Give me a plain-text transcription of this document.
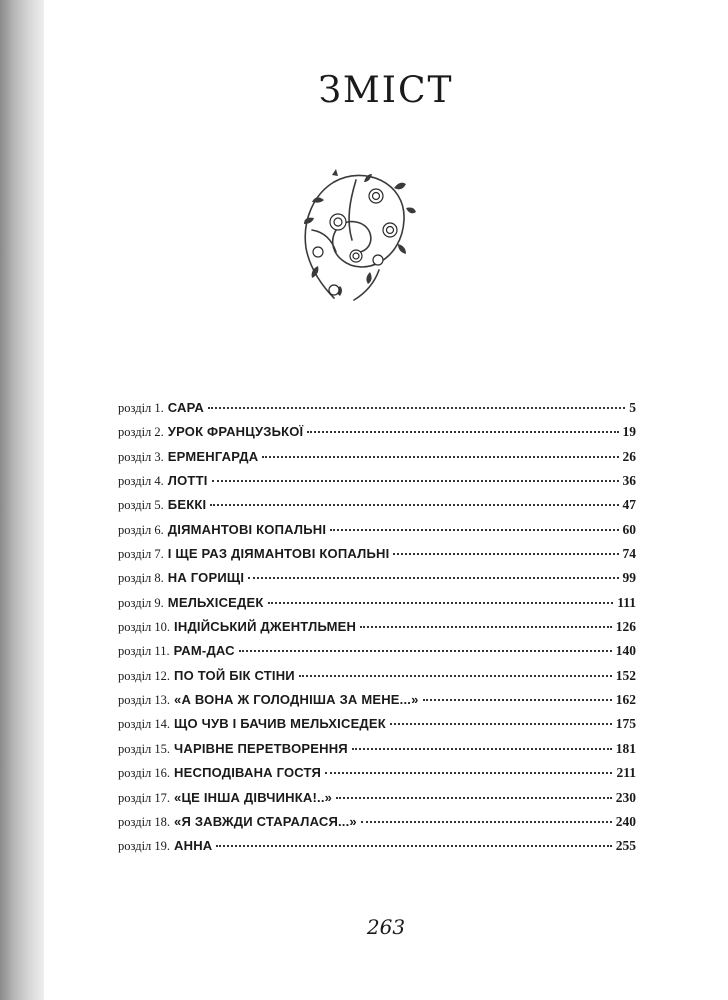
ЗМІСТ
розділ 1. САРА	5
розділ 2. УРОК ФРАНЦУЗЬКОЇ	19
розділ 3. ЕРМЕНГАРДА	26
розділ 4. ЛОТТІ	36
розділ 5. БЕККІ	47
розділ 6. ДІЯМАНТОВІ КОПАЛЬНІ	60
розділ 7. І ЩЕ РАЗ ДІЯМАНТОВІ КОПАЛЬНІ	74
розділ 8. НА ГОРИЩІ	99
розділ 9. МЕЛЬХІСЕДЕК	111
розділ 10. ІНДІЙСЬКИЙ ДЖЕНТЛЬМЕН	126
розділ 11. РАМ-ДАС	140
розділ 12. ПО ТОЙ БІК СТІНИ	152
розділ 13. «А ВОНА Ж ГОЛОДНІША ЗА МЕНЕ...»	162
розділ 14. ЩО ЧУВ І БАЧИВ МЕЛЬХІСЕДЕК	175
розділ 15. ЧАРІВНЕ ПЕРЕТВОРЕННЯ	181
розділ 16. НЕСПОДІВАНА ГОСТЯ	211
розділ 17. «ЦЕ ІНША ДІВЧИНКА!..»	230
розділ 18. «Я ЗАВЖДИ СТАРАЛАСЯ...»	240
розділ 19. АННА	255
263
